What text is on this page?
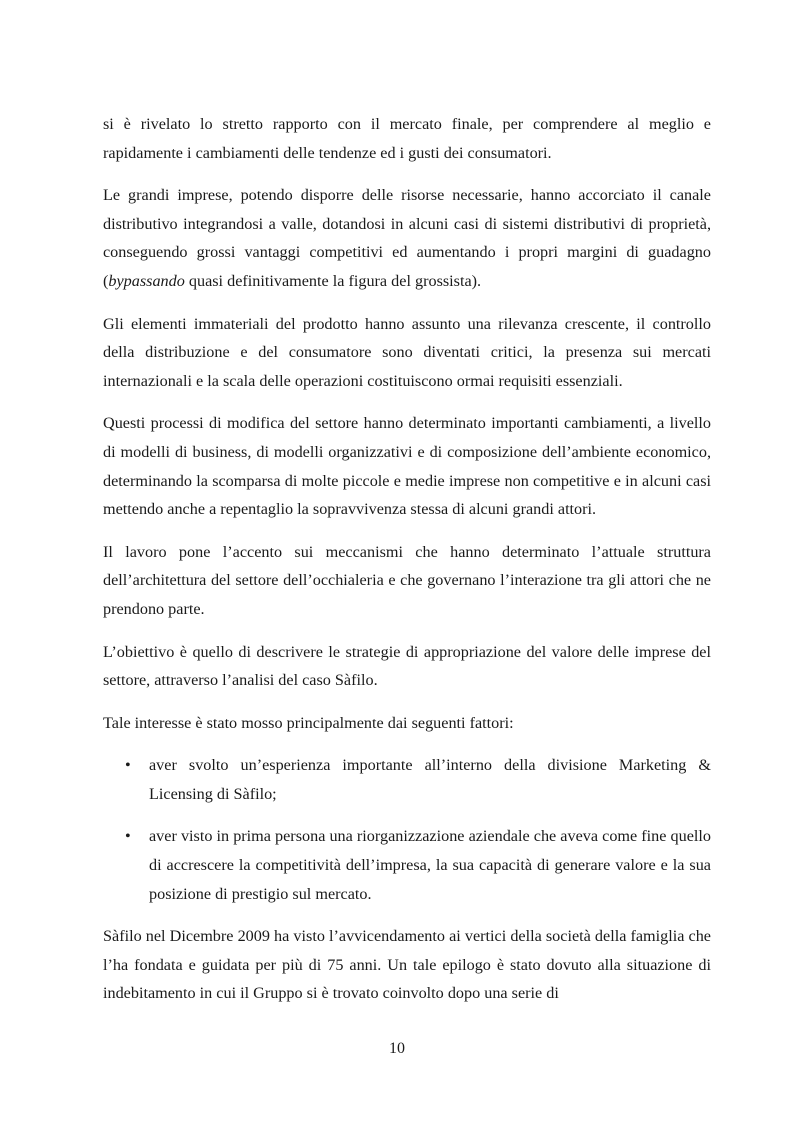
si è rivelato lo stretto rapporto con il mercato finale, per comprendere al meglio e rapidamente i cambiamenti delle tendenze ed i gusti dei consumatori.

Le grandi imprese, potendo disporre delle risorse necessarie, hanno accorciato il canale distributivo integrandosi a valle, dotandosi in alcuni casi di sistemi distributivi di proprietà, conseguendo grossi vantaggi competitivi ed aumentando i propri margini di guadagno (bypassando quasi definitivamente la figura del grossista).

Gli elementi immateriali del prodotto hanno assunto una rilevanza crescente, il controllo della distribuzione e del consumatore sono diventati critici, la presenza sui mercati internazionali e la scala delle operazioni costituiscono ormai requisiti essenziali.

Questi processi di modifica del settore hanno determinato importanti cambiamenti, a livello di modelli di business, di modelli organizzativi e di composizione dell’ambiente economico, determinando la scomparsa di molte piccole e medie imprese non competitive e in alcuni casi mettendo anche a repentaglio la sopravvivenza stessa di alcuni grandi attori.

Il lavoro pone l’accento sui meccanismi che hanno determinato l’attuale struttura dell’architettura del settore dell’occhialeria e che governano l’interazione tra gli attori che ne prendono parte.

L’obiettivo è quello di descrivere le strategie di appropriazione del valore delle imprese del settore, attraverso l’analisi del caso Sàfilo.

Tale interesse è stato mosso principalmente dai seguenti fattori:

• aver svolto un’esperienza importante all’interno della divisione Marketing & Licensing di Sàfilo;
• aver visto in prima persona una riorganizzazione aziendale che aveva come fine quello di accrescere la competitività dell’impresa, la sua capacità di generare valore e la sua posizione di prestigio sul mercato.

Sàfilo nel Dicembre 2009 ha visto l’avvicendamento ai vertici della società della famiglia che l’ha fondata e guidata per più di 75 anni. Un tale epilogo è stato dovuto alla situazione di indebitamento in cui il Gruppo si è trovato coinvolto dopo una serie di

10
